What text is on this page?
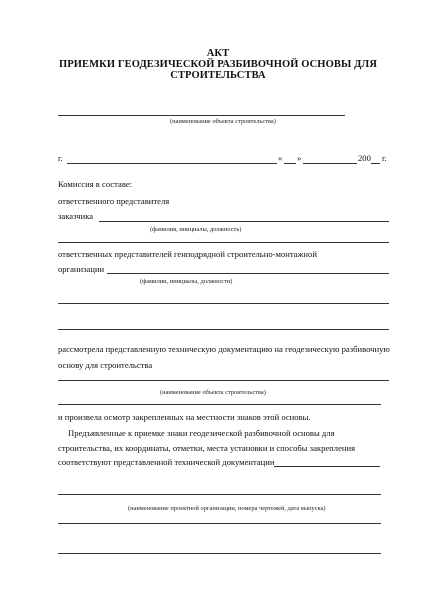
АКТ
ПРИЕМКИ ГЕОДЕЗИЧЕСКОЙ РАЗБИВОЧНОЙ ОСНОВЫ ДЛЯ
СТРОИТЕЛЬСТВА
(наименование объекта строительства)
г.	« »	200 г.
Комиссия в составе:
ответственного представителя
заказчика
(фамилия, инициалы, должность)
ответственных представителей генподрядной строительно-монтажной
организации
(фамилии, инициалы, должности)
рассмотрела представленную техническую документацию на геодезическую разбивочную
основу для строительства
(наименование объекта строительства)
и произвела осмотр закрепленных на местности знаков этой основы.
Предъявленные к приемке знаки геодезической разбивочной основы для
строительства, их координаты, отметки, места установки и способы закрепления
соответствуют представленной технической документации
(наименование проектной организации, номера чертежей, дата выпуска)
